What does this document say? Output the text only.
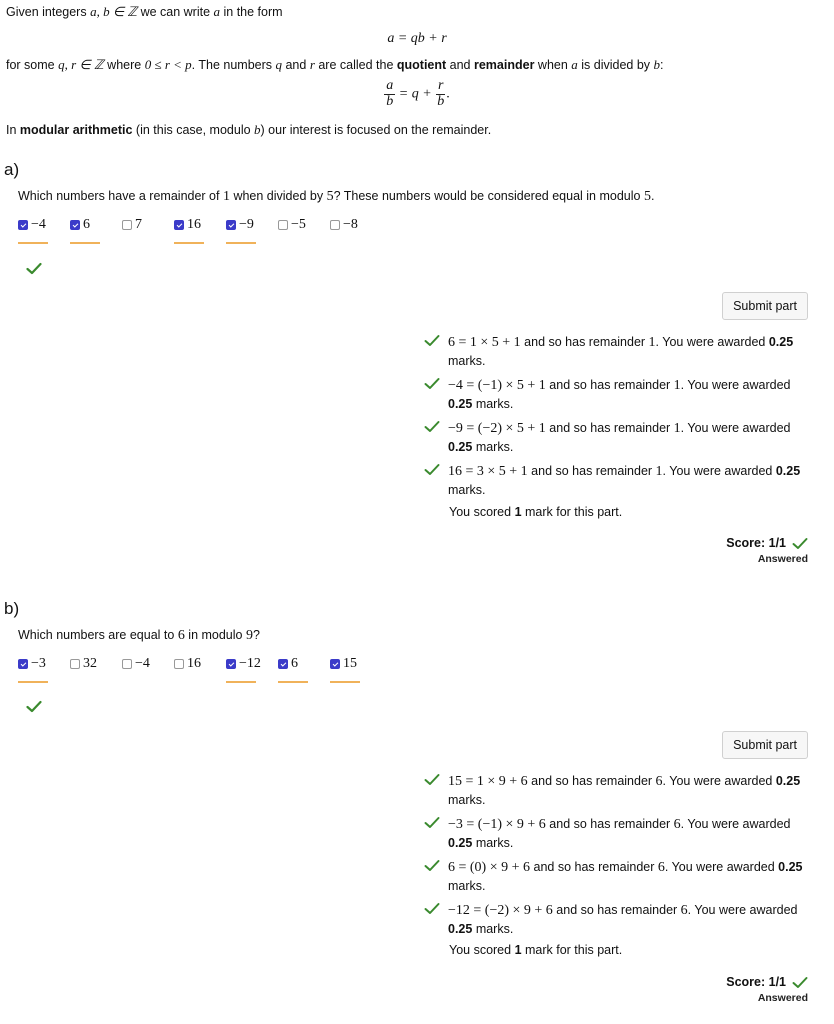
Given integers a, b ∈ ℤ we can write a in the form
a = qb + r
for some q, r ∈ ℤ where 0 ≤ r < p. The numbers q and r are called the quotient and remainder when a is divided by b:
$\frac{a}{b} = q + \frac{r}{b}$ .
In modular arithmetic (in this case, modulo b) our interest is focused on the remainder.
a)
Which numbers have a remainder of 1 when divided by 5? These numbers would be considered equal in modulo 5.
−4	6	7	16	−9	−5	−8
Submit part
6 = 1 × 5 + 1 and so has remainder 1. You were awarded 0.25 marks.
−4 = (−1) × 5 + 1 and so has remainder 1. You were awarded 0.25 marks.
−9 = (−2) × 5 + 1 and so has remainder 1. You were awarded 0.25 marks.
16 = 3 × 5 + 1 and so has remainder 1. You were awarded 0.25 marks.
You scored 1 mark for this part.
Score: 1/1
Answered
b)
Which numbers are equal to 6 in modulo 9?
−3	32	−4	16	−12 6	15
Submit part
15 = 1 × 9 + 6 and so has remainder 6. You were awarded 0.25 marks.
−3 = (−1) × 9 + 6 and so has remainder 6. You were awarded 0.25 marks.
6 = (0) × 9 + 6 and so has remainder 6. You were awarded 0.25 marks.
−12 = (−2) × 9 + 6 and so has remainder 6. You were awarded 0.25 marks.
You scored 1 mark for this part.
Score: 1/1
Answered
